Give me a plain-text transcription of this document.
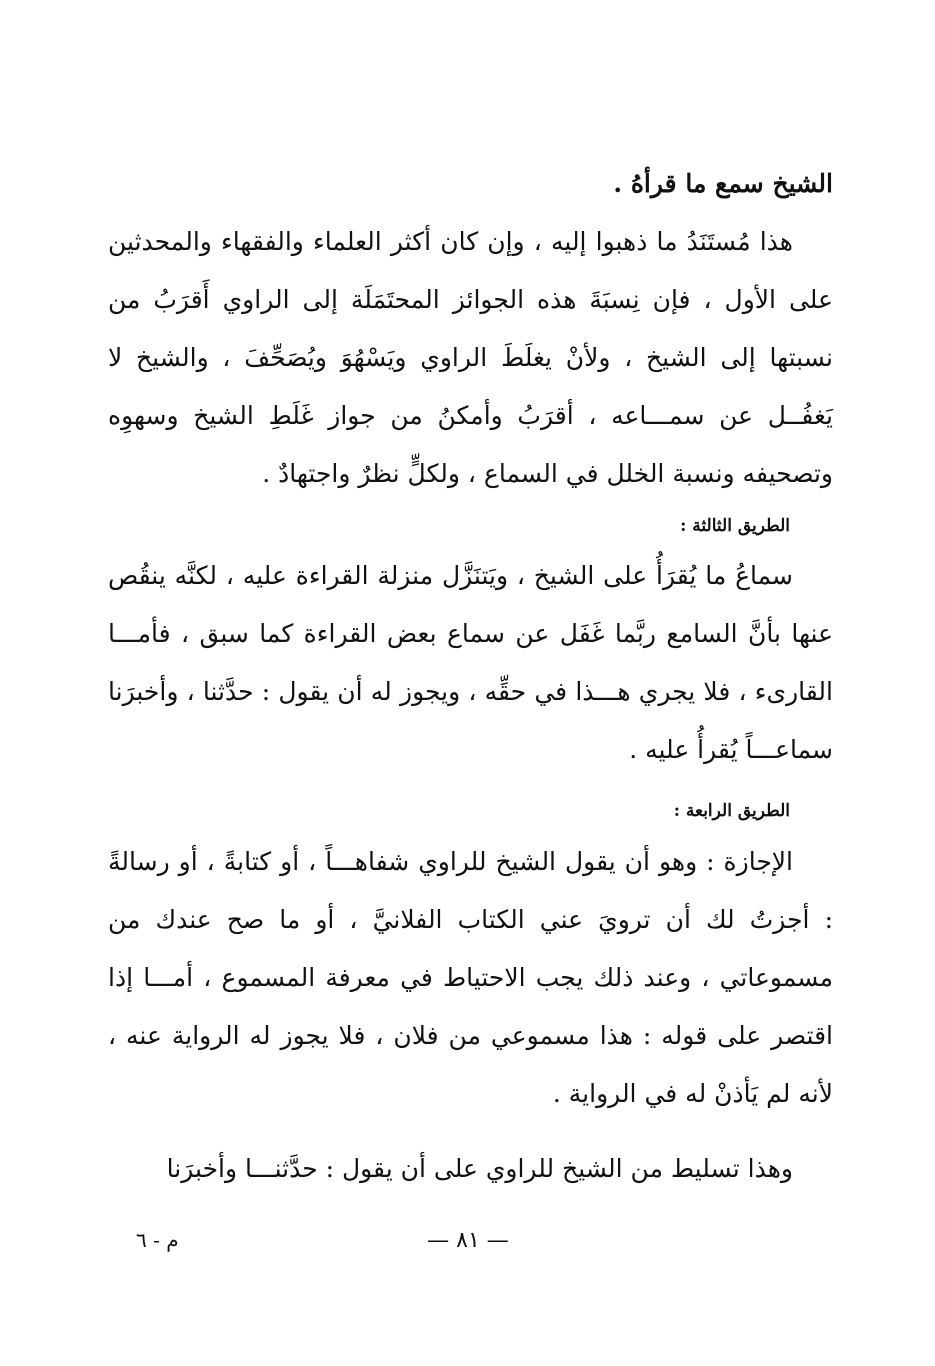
الشيخ سمع ما قرأهُ .

هذا مُستَنَدُ ما ذهبوا إليه ، وإن كان أكثر العلماء والفقهاء والمحدثين على الأول ، فإن نِسبَةَ هذه الجوائز المحتَمَلَة إلى الراوي أَقرَبُ من نسبتها إلى الشيخ ، ولأنْ يغلَطَ الراوي ويَسْهُوَ ويُصَحِّفَ ، والشيخ لا يَغفُــل عن سمـــاعه ، أقرَبُ وأمكنُ من جواز غَلَطِ الشيخ وسهوِه وتصحيفه ونسبة الخلل في السماع ، ولكلٍّ نظرٌ واجتهادٌ .

الطريق الثالثة :

سماعُ ما يُقرَأُ على الشيخ ، ويَتنَزَّل منزلة القراءة عليه ، لكنَّه ينقُص عنها بأنَّ السامع ربَّما غَفَل عن سماع بعض القراءة كما سبق ، فأمـــا القارىء ، فلا يجري هـــذا في حقِّه ، ويجوز له أن يقول : حدَّثنا ، وأخبرَنا سماعـــاً يُقرأُ عليه .

الطريق الرابعة :

الإجازة : وهو أن يقول الشيخ للراوي شفاهـــاً ، أو كتابةً ، أو رسالةً : أجزتُ لك أن ترويَ عني الكتاب الفلانيَّ ، أو ما صح عندك من مسموعاتي ، وعند ذلك يجب الاحتياط في معرفة المسموع ، أمـــا إذا اقتصر على قوله : هذا مسموعي من فلان ، فلا يجوز له الرواية عنه ، لأنه لم يَأذنْ له في الرواية .

وهذا تسليط من الشيخ للراوي على أن يقول : حدَّثنـــا وأخبرَنا

— ٨١ —
م - ٦
